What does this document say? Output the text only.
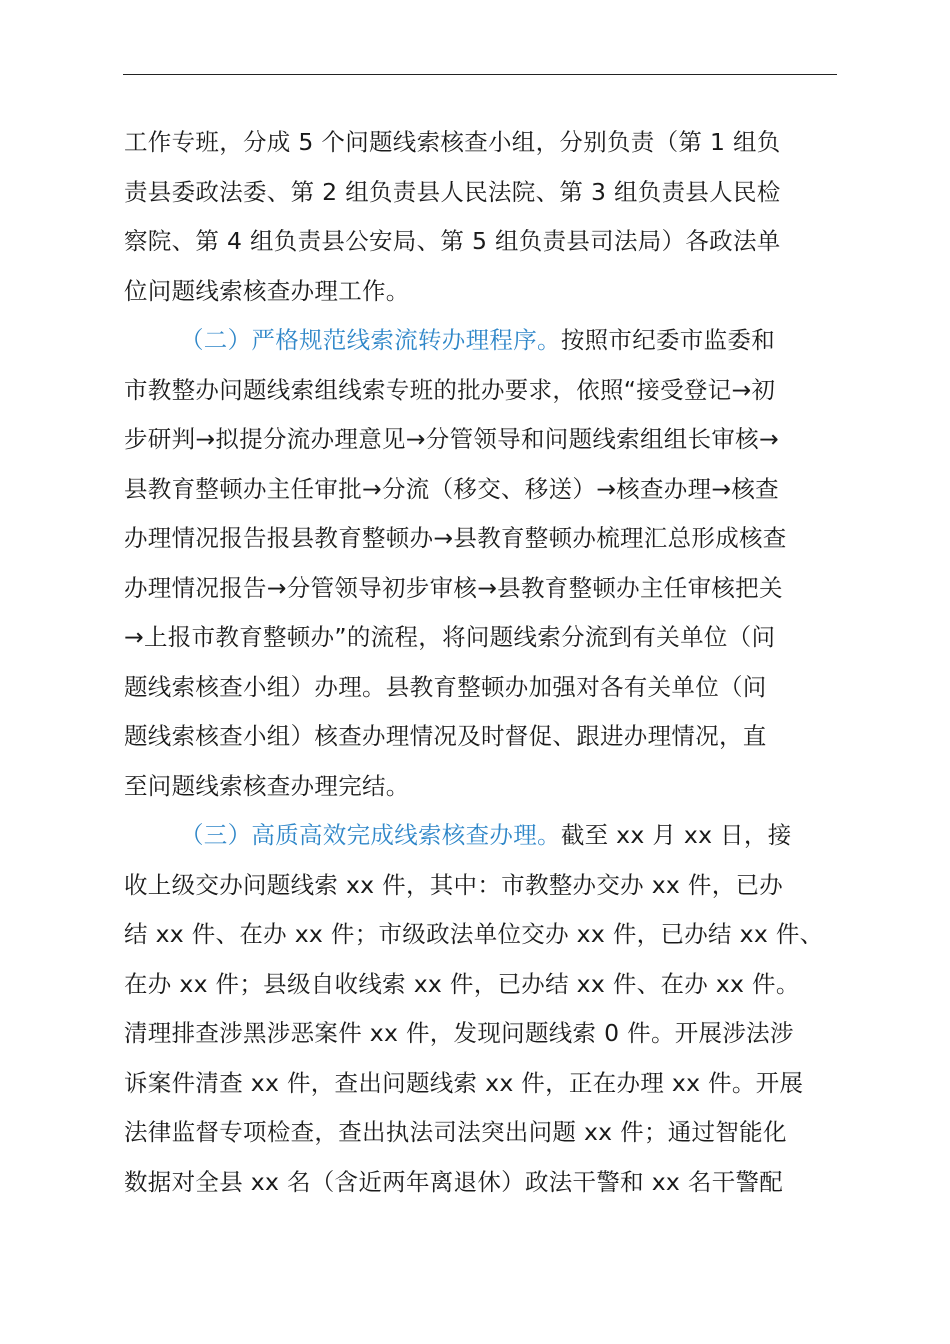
工作专班，分成 5 个问题线索核查小组，分别负责（第 1 组负
责县委政法委、第 2 组负责县人民法院、第 3 组负责县人民检
察院、第 4 组负责县公安局、第 5 组负责县司法局）各政法单
位问题线索核查办理工作。
（二）严格规范线索流转办理程序。按照市纪委市监委和
市教整办问题线索组线索专班的批办要求，依照“接受登记→初
步研判→拟提分流办理意见→分管领导和问题线索组组长审核→
县教育整顿办主任审批→分流（移交、移送）→核查办理→核查
办理情况报告报县教育整顿办→县教育整顿办梳理汇总形成核查
办理情况报告→分管领导初步审核→县教育整顿办主任审核把关
→上报市教育整顿办”的流程，将问题线索分流到有关单位（问
题线索核查小组）办理。县教育整顿办加强对各有关单位（问
题线索核查小组）核查办理情况及时督促、跟进办理情况，直
至问题线索核查办理完结。
（三）高质高效完成线索核查办理。截至 xx 月 xx 日，接
收上级交办问题线索 xx 件，其中：市教整办交办 xx 件，已办
结 xx 件、在办 xx 件；市级政法单位交办 xx 件，已办结 xx 件、
在办 xx 件；县级自收线索 xx 件，已办结 xx 件、在办 xx 件。
清理排查涉黑涉恶案件 xx 件，发现问题线索 0 件。开展涉法涉
诉案件清查 xx 件，查出问题线索 xx 件，正在办理 xx 件。开展
法律监督专项检查，查出执法司法突出问题 xx 件；通过智能化
数据对全县 xx 名（含近两年离退休）政法干警和 xx 名干警配
